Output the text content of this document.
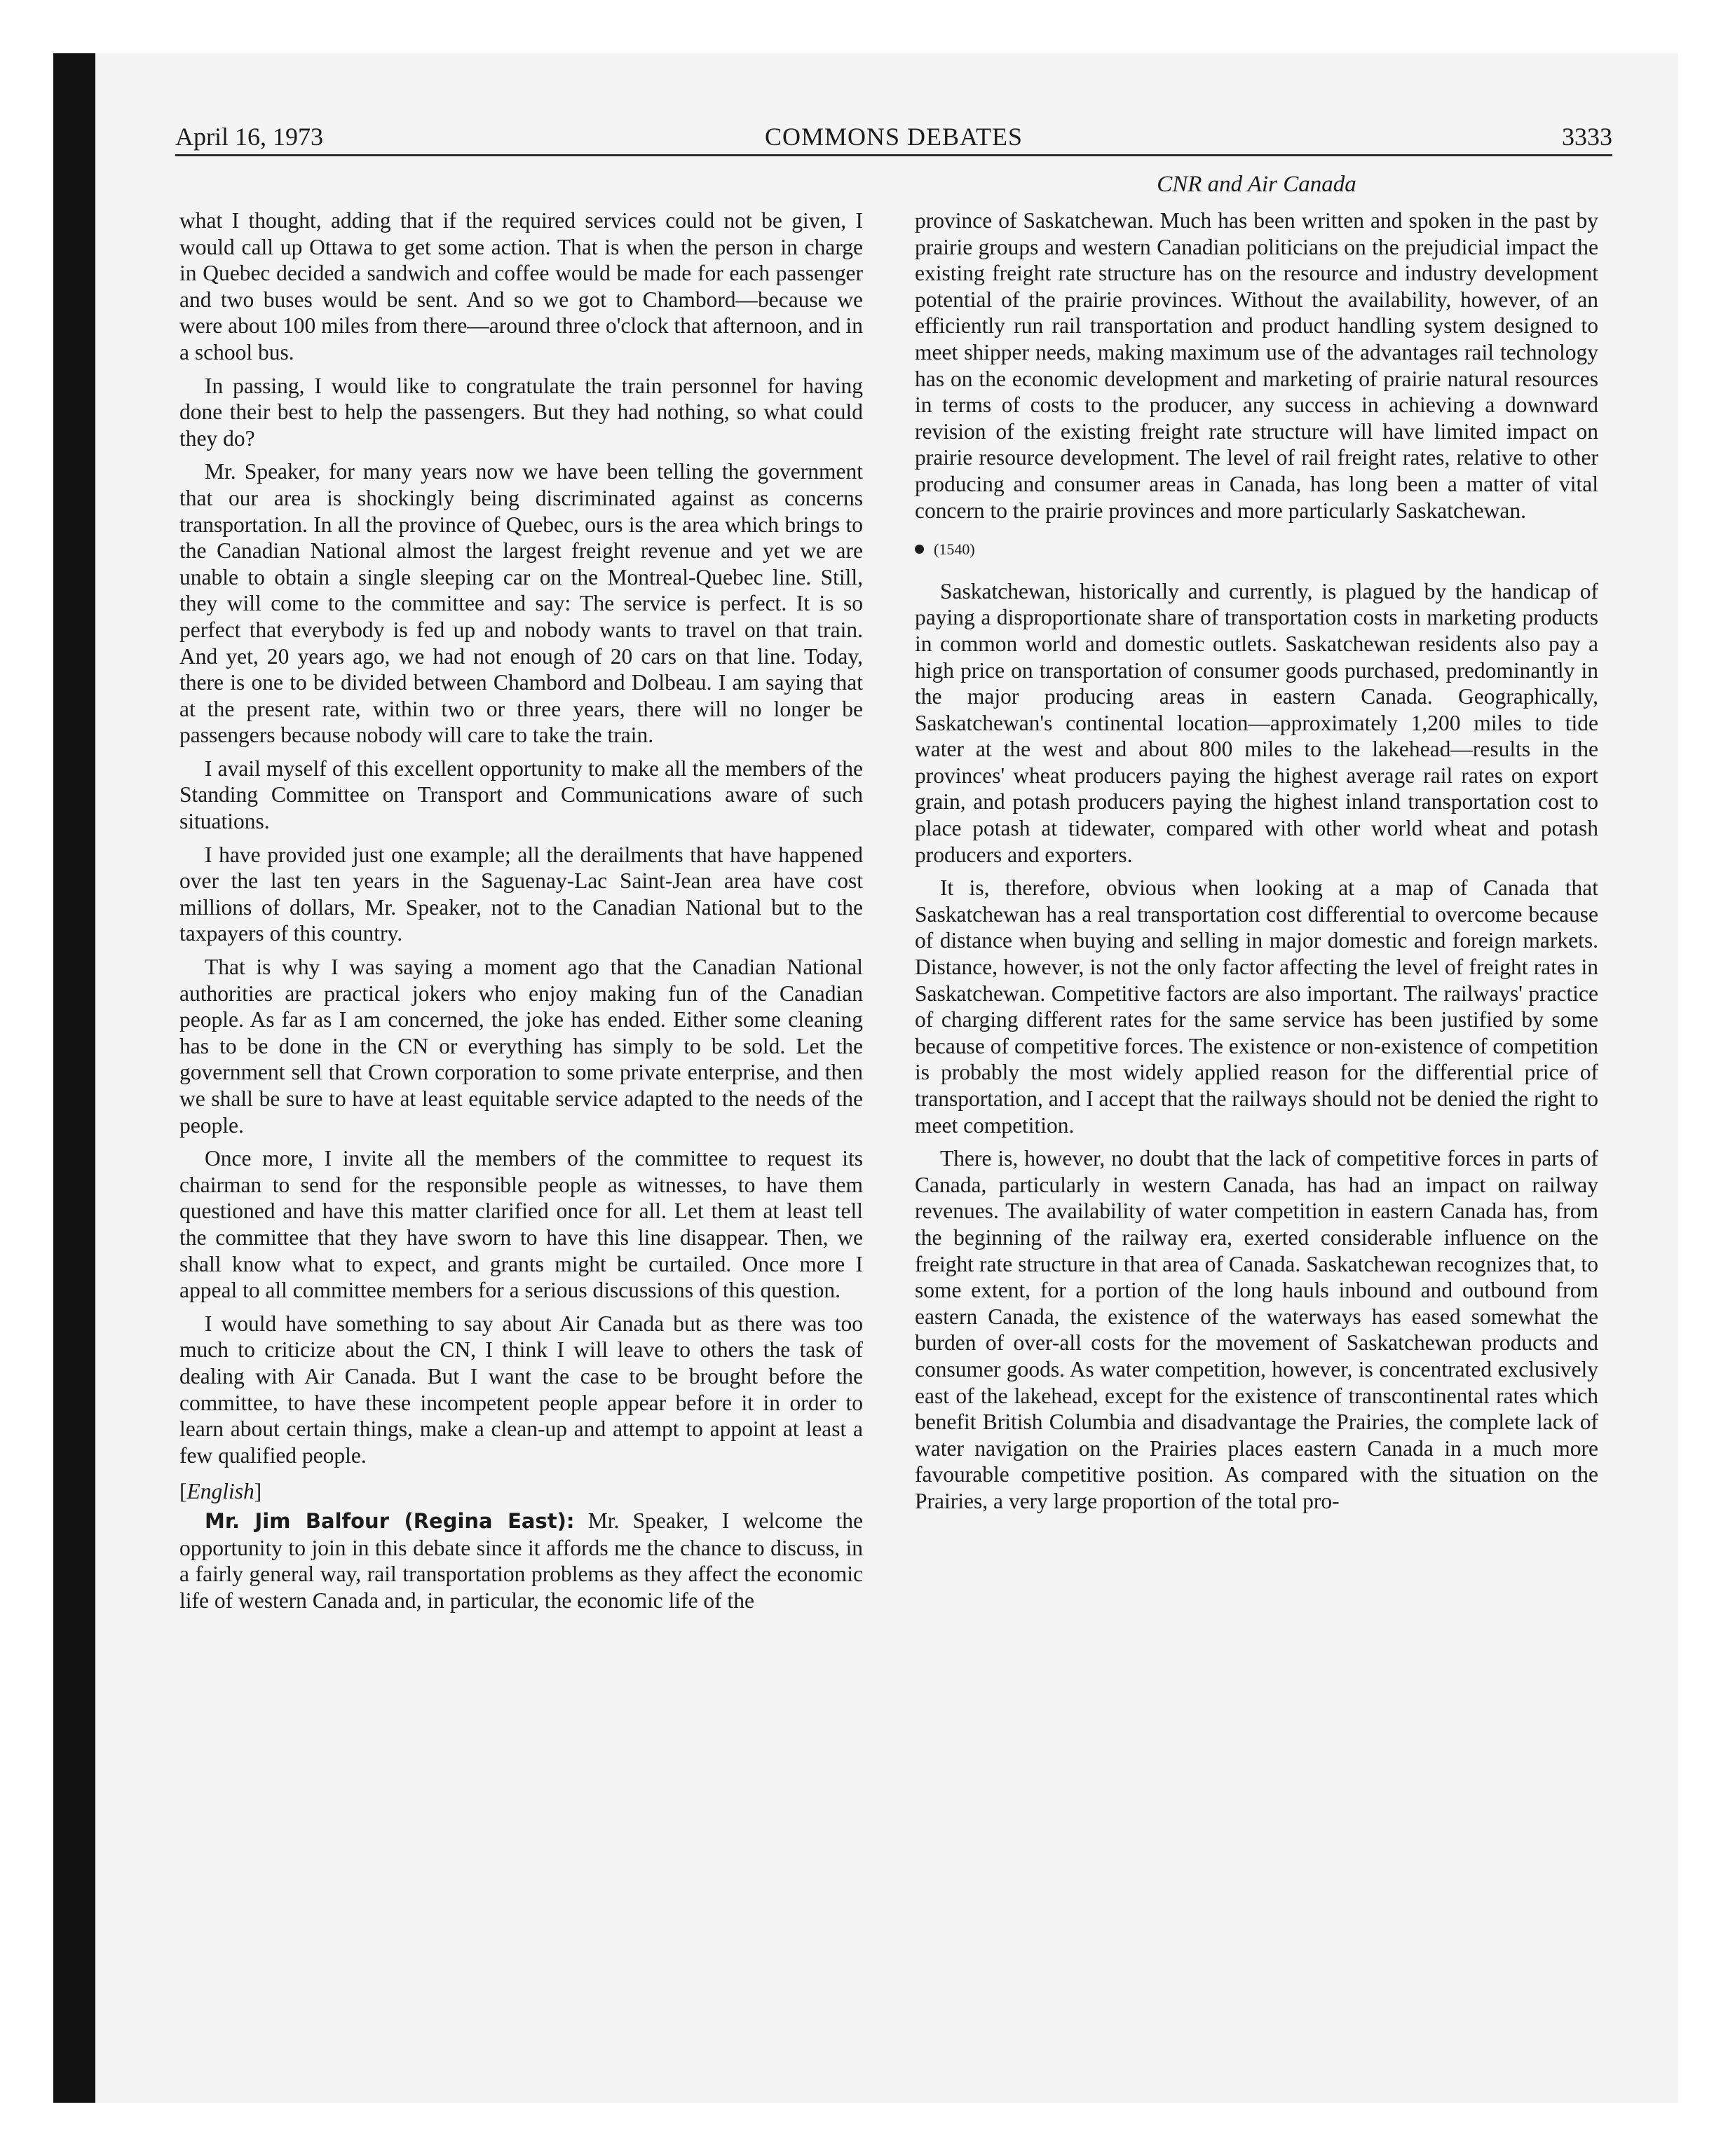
April 16, 1973	COMMONS DEBATES	3333
CNR and Air Canada

what I thought, adding that if the required services could not be given, I would call up Ottawa to get some action. That is when the person in charge in Quebec decided a sandwich and coffee would be made for each passenger and two buses would be sent. And so we got to Chambord—because we were about 100 miles from there—around three o'clock that afternoon, and in a school bus.

In passing, I would like to congratulate the train personnel for having done their best to help the passengers. But they had nothing, so what could they do?

Mr. Speaker, for many years now we have been telling the government that our area is shockingly being discriminated against as concerns transportation. In all the province of Quebec, ours is the area which brings to the Canadian National almost the largest freight revenue and yet we are unable to obtain a single sleeping car on the Montreal-Quebec line. Still, they will come to the committee and say: The service is perfect. It is so perfect that everybody is fed up and nobody wants to travel on that train. And yet, 20 years ago, we had not enough of 20 cars on that line. Today, there is one to be divided between Chambord and Dolbeau. I am saying that at the present rate, within two or three years, there will no longer be passengers because nobody will care to take the train.

I avail myself of this excellent opportunity to make all the members of the Standing Committee on Transport and Communications aware of such situations.

I have provided just one example; all the derailments that have happened over the last ten years in the Saguenay-Lac Saint-Jean area have cost millions of dollars, Mr. Speaker, not to the Canadian National but to the taxpayers of this country.

That is why I was saying a moment ago that the Canadian National authorities are practical jokers who enjoy making fun of the Canadian people. As far as I am concerned, the joke has ended. Either some cleaning has to be done in the CN or everything has simply to be sold. Let the government sell that Crown corporation to some private enterprise, and then we shall be sure to have at least equitable service adapted to the needs of the people.

Once more, I invite all the members of the committee to request its chairman to send for the responsible people as witnesses, to have them questioned and have this matter clarified once for all. Let them at least tell the committee that they have sworn to have this line disappear. Then, we shall know what to expect, and grants might be curtailed. Once more I appeal to all committee members for a serious discussions of this question.

I would have something to say about Air Canada but as there was too much to criticize about the CN, I think I will leave to others the task of dealing with Air Canada. But I want the case to be brought before the committee, to have these incompetent people appear before it in order to learn about certain things, make a clean-up and attempt to appoint at least a few qualified people.

[English]

Mr. Jim Balfour (Regina East): Mr. Speaker, I welcome the opportunity to join in this debate since it affords me the chance to discuss, in a fairly general way, rail transportation problems as they affect the economic life of western Canada and, in particular, the economic life of the

province of Saskatchewan. Much has been written and spoken in the past by prairie groups and western Canadian politicians on the prejudicial impact the existing freight rate structure has on the resource and industry development potential of the prairie provinces. Without the availability, however, of an efficiently run rail transportation and product handling system designed to meet shipper needs, making maximum use of the advantages rail technology has on the economic development and marketing of prairie natural resources in terms of costs to the producer, any success in achieving a downward revision of the existing freight rate structure will have limited impact on prairie resource development. The level of rail freight rates, relative to other producing and consumer areas in Canada, has long been a matter of vital concern to the prairie provinces and more particularly Saskatchewan.

(1540)

Saskatchewan, historically and currently, is plagued by the handicap of paying a disproportionate share of transportation costs in marketing products in common world and domestic outlets. Saskatchewan residents also pay a high price on transportation of consumer goods purchased, predominantly in the major producing areas in eastern Canada. Geographically, Saskatchewan's continental location—approximately 1,200 miles to tide water at the west and about 800 miles to the lakehead—results in the provinces' wheat producers paying the highest average rail rates on export grain, and potash producers paying the highest inland transportation cost to place potash at tidewater, compared with other world wheat and potash producers and exporters.

It is, therefore, obvious when looking at a map of Canada that Saskatchewan has a real transportation cost differential to overcome because of distance when buying and selling in major domestic and foreign markets. Distance, however, is not the only factor affecting the level of freight rates in Saskatchewan. Competitive factors are also important. The railways' practice of charging different rates for the same service has been justified by some because of competitive forces. The existence or non-existence of competition is probably the most widely applied reason for the differential price of transportation, and I accept that the railways should not be denied the right to meet competition.

There is, however, no doubt that the lack of competitive forces in parts of Canada, particularly in western Canada, has had an impact on railway revenues. The availability of water competition in eastern Canada has, from the beginning of the railway era, exerted considerable influence on the freight rate structure in that area of Canada. Saskatchewan recognizes that, to some extent, for a portion of the long hauls inbound and outbound from eastern Canada, the existence of the waterways has eased somewhat the burden of over-all costs for the movement of Saskatchewan products and consumer goods. As water competition, however, is concentrated exclusively east of the lakehead, except for the existence of transcontinental rates which benefit British Columbia and disadvantage the Prairies, the complete lack of water navigation on the Prairies places eastern Canada in a much more favourable competitive position. As compared with the situation on the Prairies, a very large proportion of the total pro-
